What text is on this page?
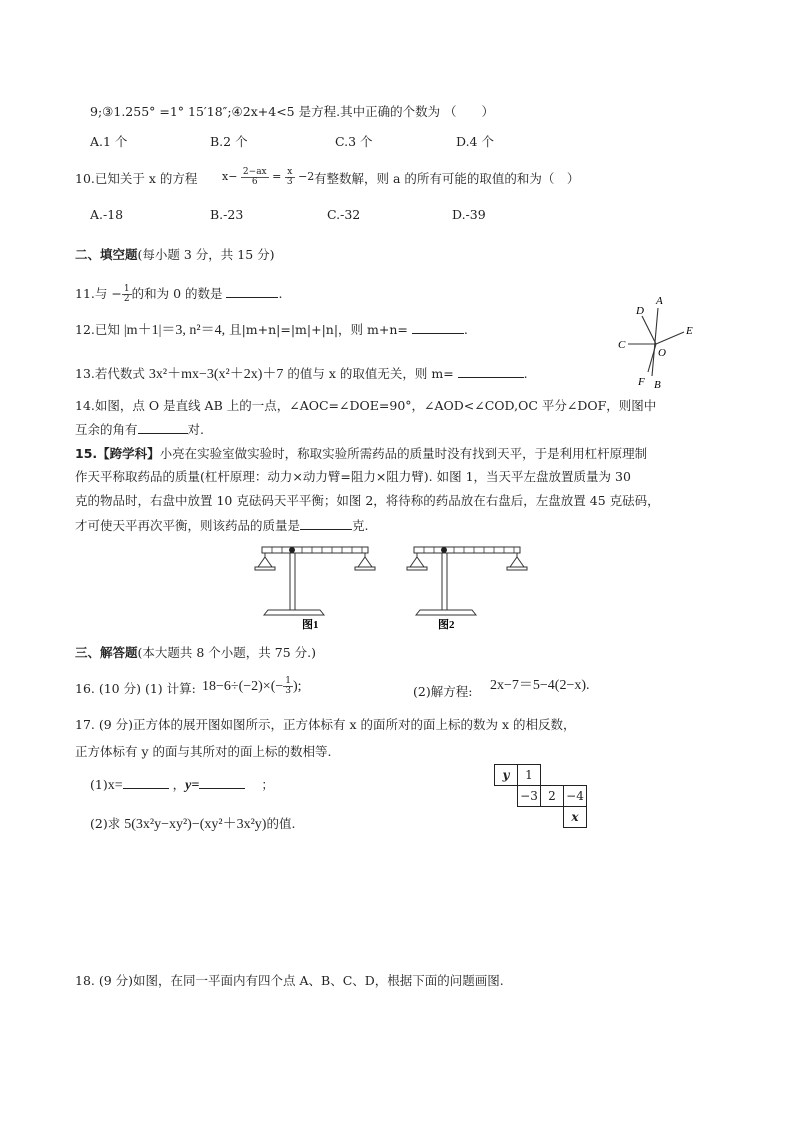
9;③1.255° =1° 15′18″;④2x+4<5 是方程.其中正确的个数为 （　　）
A.1 个	B.2 个	C.3 个	D.4 个
10.已知关于 x 的方程 $x- \frac{2-ax}{6} = \frac{x}{3} -2$ 有整数解，则 a 的所有可能的取值的和为（　）
A.-18	B.-23	C.-32	D.-39
二、填空题(每小题 3 分，共 15 分)
11.与 − $\frac{1}{2}$ 的和为 0 的数是	.
12.已知 |m＋1|＝3, n²＝4, 且|m+n|=|m|+|n|，则 m+n=	.
13.若代数式 3x²＋mx−3(x²＋2x)＋7 的值与 x 的取值无关，则 m=	.
A
D
E
C
O
F B
14.如图，点 O 是直线 AB 上的一点，∠AOC=∠DOE=90°，∠AOD<∠COD,OC 平分∠DOF，则图中
互余的角有	对.
15.【跨学科】小亮在实验室做实验时，称取实验所需药品的质量时没有找到天平，于是利用杠杆原理制
作天平称取药品的质量(杠杆原理：动力×动力臂=阻力×阻力臂). 如图 1，当天平左盘放置质量为 30
克的物品时，右盘中放置 10 克砝码天平平衡；如图 2，将待称的药品放在右盘后，左盘放置 45 克砝码，
才可使天平再次平衡，则该药品的质量是	克.
图1	图2
三、解答题(本大题共 8 个小题，共 75 分.)
16. (10 分) (1) 计算: $18-6\div(-2)\times(- \frac{1}{3}$ );	(2)解方程: 2x−7＝5−4(2−x).
17. (9 分)正方体的展开图如图所示，正方体标有 x 的面所对的面上标的数为 x 的相反数，
正方体标有 y 的面与其所对的面上标的数相等.
(1)x=	，y=	；
(2)求 5(3x²y−xy²)−(xy²＋3x²y)的值.
y	1		
	−3	2	−4
			x
18. (9 分)如图，在同一平面内有四个点 A、B、C、D，根据下面的问题画图.
